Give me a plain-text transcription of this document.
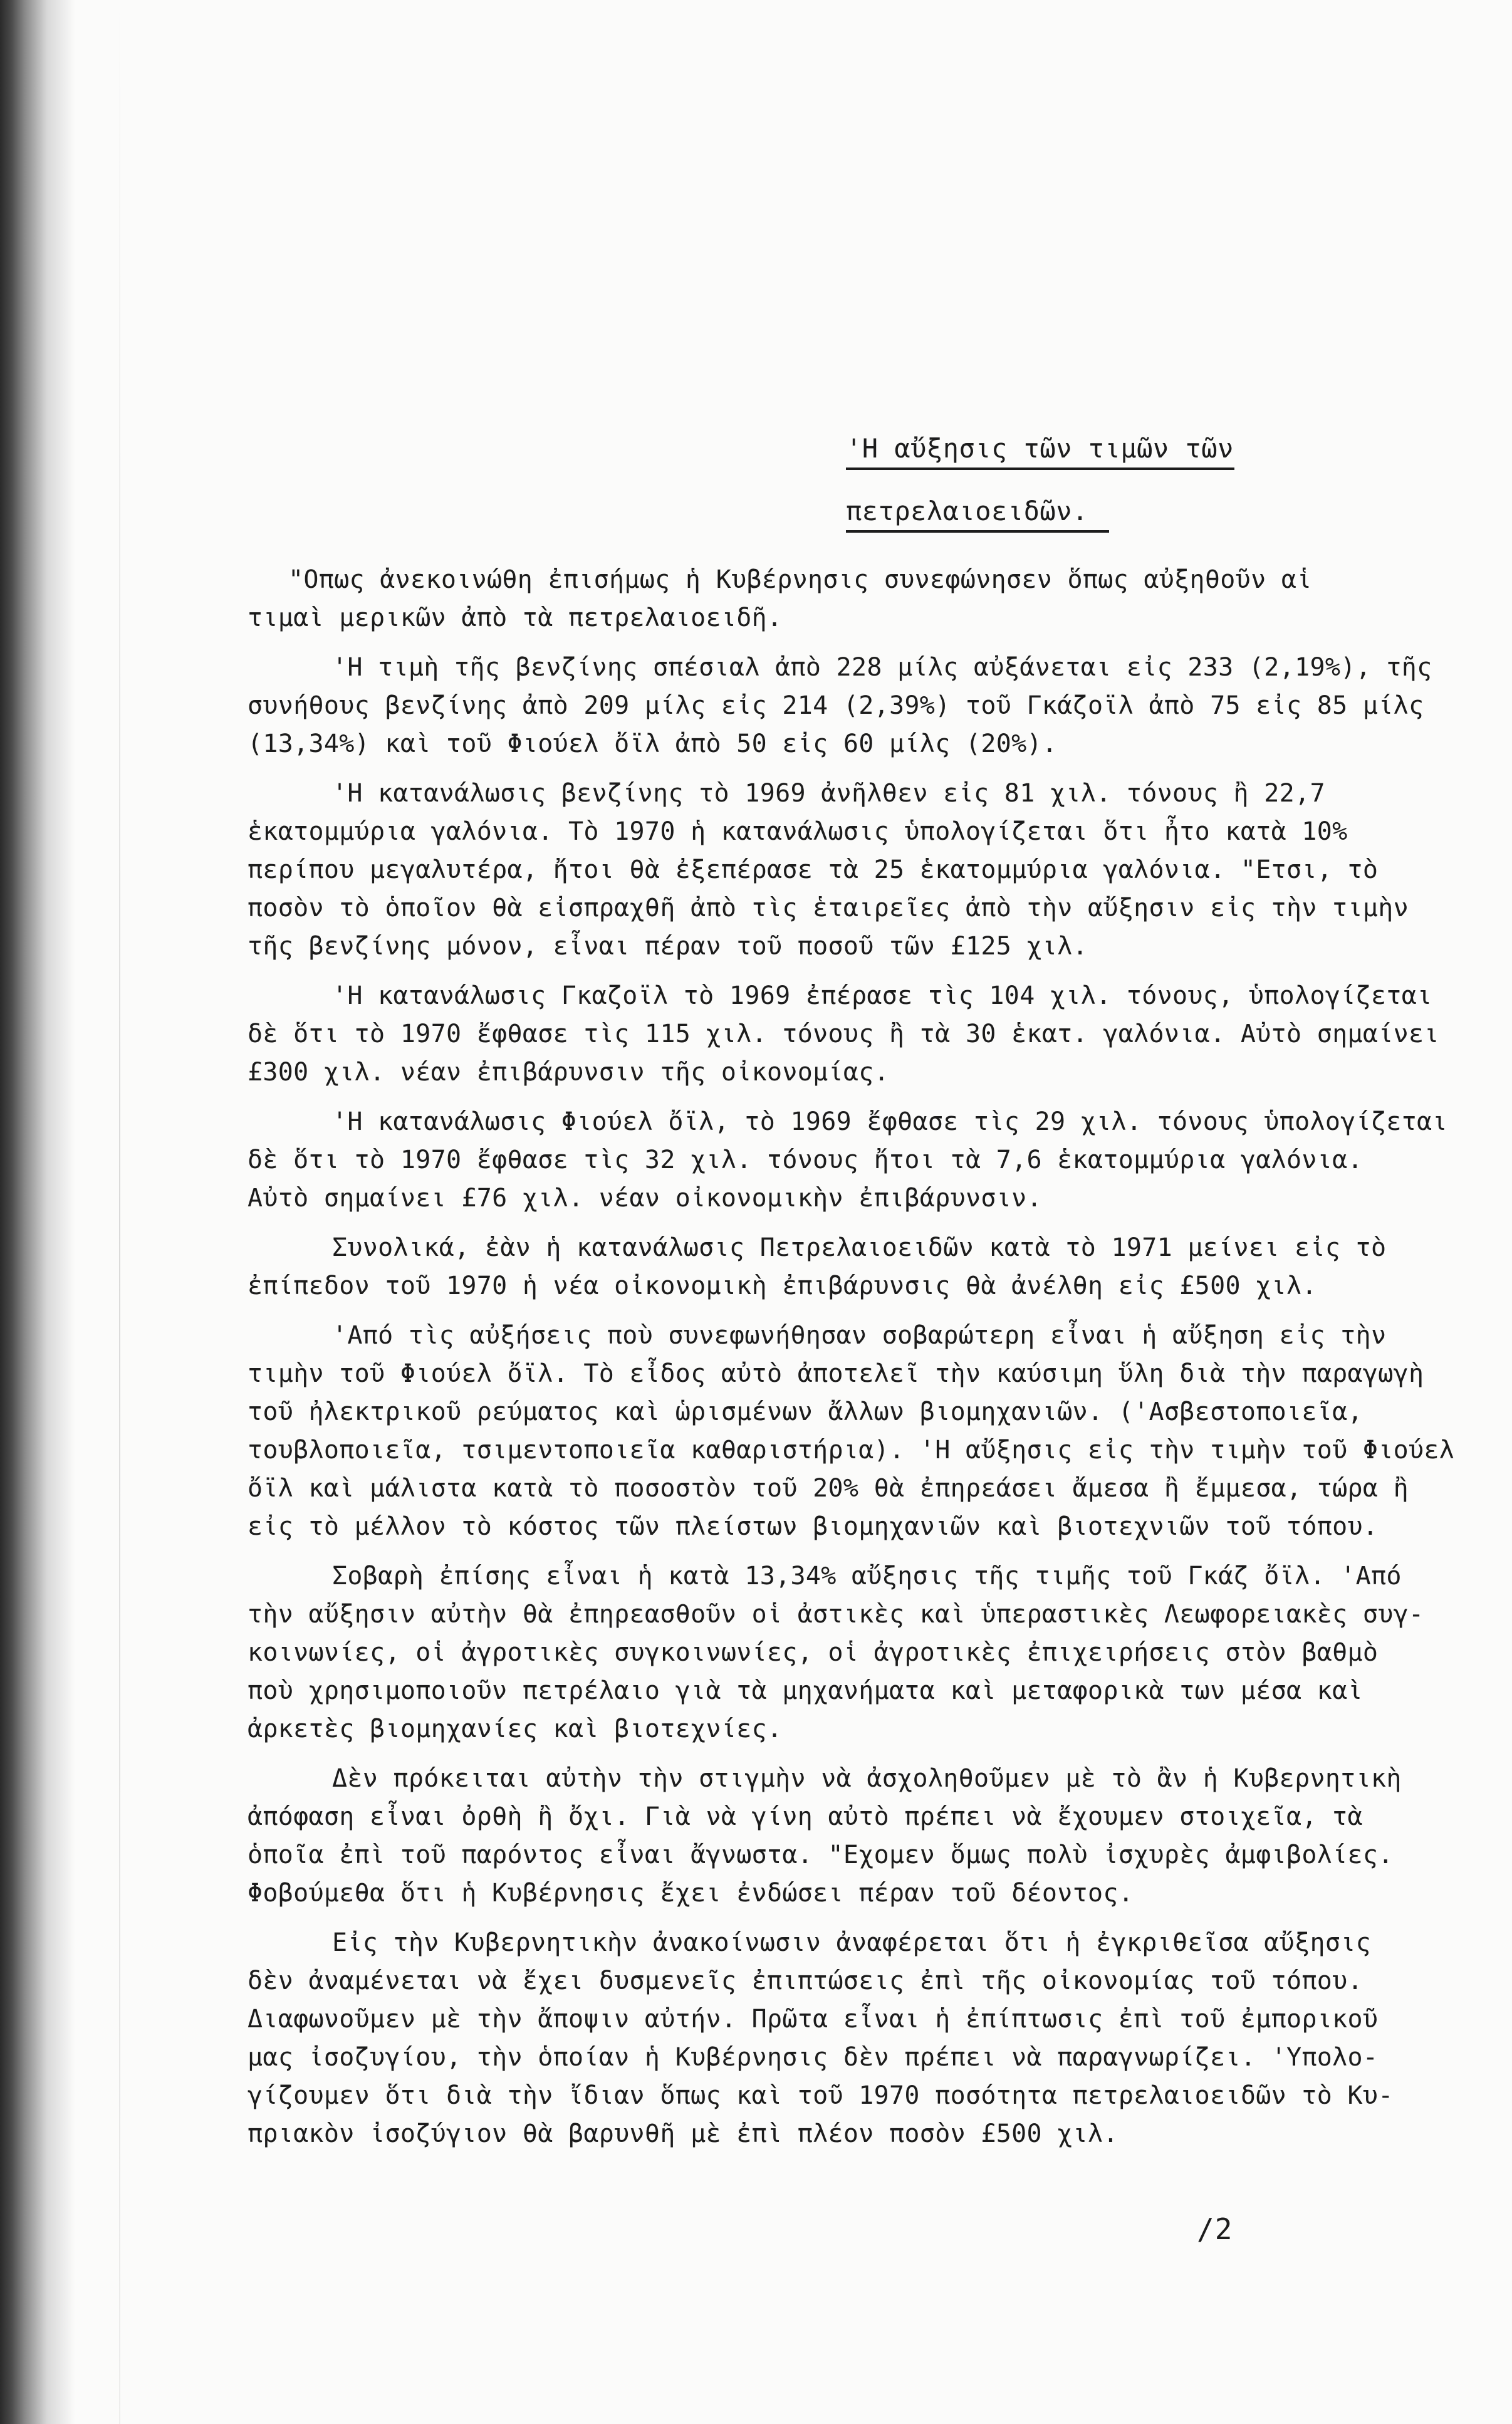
'Η αὔξησις τῶν τιμῶν τῶν
πετρελαιοειδῶν.

"Οπως ἀνεκοινώθη ἐπισήμως ἡ Κυβέρνησις συνεφώνησεν ὅπως αὐξηθοῦν αἱ
τιμαὶ μερικῶν ἀπὸ τὰ πετρελαιοειδῆ.

'Η τιμὴ τῆς βενζίνης σπέσιαλ ἀπὸ 228 μίλς αὐξάνεται εἰς 233 (2,19%), τῆς
συνήθους βενζίνης ἀπὸ 209 μίλς εἰς 214 (2,39%) τοῦ Γκάζοϊλ ἀπὸ 75 εἰς 85 μίλς
(13,34%) καὶ τοῦ Φιούελ ὄϊλ ἀπὸ 50 εἰς 60 μίλς (20%).

'Η κατανάλωσις βενζίνης τὸ 1969 ἀνῆλθεν εἰς 81 χιλ. τόνους ἢ 22,7
ἑκατομμύρια γαλόνια. Τὸ 1970 ἡ κατανάλωσις ὑπολογίζεται ὅτι ἦτο κατὰ 10%
περίπου μεγαλυτέρα, ἤτοι θὰ ἐξεπέρασε τὰ 25 ἑκατομμύρια γαλόνια. "Ετσι, τὸ
ποσὸν τὸ ὁποῖον θὰ εἰσπραχθῆ ἀπὸ τὶς ἑταιρεῖες ἀπὸ τὴν αὔξησιν εἰς τὴν τιμὴν
τῆς βενζίνης μόνον, εἶναι πέραν τοῦ ποσοῦ τῶν £125 χιλ.

'Η κατανάλωσις Γκαζοϊλ τὸ 1969 ἐπέρασε τὶς 104 χιλ. τόνους, ὑπολογίζεται
δὲ ὅτι τὸ 1970 ἔφθασε τὶς 115 χιλ. τόνους ἢ τὰ 30 ἑκατ. γαλόνια. Αὐτὸ σημαίνει
£300 χιλ. νέαν ἐπιβάρυνσιν τῆς οἰκονομίας.

'Η κατανάλωσις Φιούελ ὄϊλ, τὸ 1969 ἔφθασε τὶς 29 χιλ. τόνους ὑπολογίζεται
δὲ ὅτι τὸ 1970 ἔφθασε τὶς 32 χιλ. τόνους ἤτοι τὰ 7,6 ἑκατομμύρια γαλόνια.
Αὐτὸ σημαίνει £76 χιλ. νέαν οἰκονομικὴν ἐπιβάρυνσιν.

Συνολικά, ἐὰν ἡ κατανάλωσις Πετρελαιοειδῶν κατὰ τὸ 1971 μείνει εἰς τὸ
ἐπίπεδον τοῦ 1970 ἡ νέα οἰκονομικὴ ἐπιβάρυνσις θὰ ἀνέλθη εἰς £500 χιλ.

'Από τὶς αὐξήσεις ποὺ συνεφωνήθησαν σοβαρώτερη εἶναι ἡ αὔξηση εἰς τὴν
τιμὴν τοῦ Φιούελ ὄϊλ. Τὸ εἶδος αὐτὸ ἀποτελεῖ τὴν καύσιμη ὕλη διὰ τὴν παραγωγὴ
τοῦ ἠλεκτρικοῦ ρεύματος καὶ ὡρισμένων ἄλλων βιομηχανιῶν. ('Ασβεστοποιεῖα,
τουβλοποιεῖα, τσιμεντοποιεῖα καθαριστήρια). 'Η αὔξησις εἰς τὴν τιμὴν τοῦ Φιούελ
ὄϊλ καὶ μάλιστα κατὰ τὸ ποσοστὸν τοῦ 20% θὰ ἐπηρεάσει ἄμεσα ἢ ἔμμεσα, τώρα ἢ
εἰς τὸ μέλλον τὸ κόστος τῶν πλείστων βιομηχανιῶν καὶ βιοτεχνιῶν τοῦ τόπου.

Σοβαρὴ ἐπίσης εἶναι ἡ κατὰ 13,34% αὔξησις τῆς τιμῆς τοῦ Γκάζ ὄϊλ. 'Από
τὴν αὔξησιν αὐτὴν θὰ ἐπηρεασθοῦν οἱ ἀστικὲς καὶ ὑπεραστικὲς Λεωφορειακὲς συγ-
κοινωνίες, οἱ ἀγροτικὲς συγκοινωνίες, οἱ ἀγροτικὲς ἐπιχειρήσεις στὸν βαθμὸ
ποὺ χρησιμοποιοῦν πετρέλαιο γιὰ τὰ μηχανήματα καὶ μεταφορικὰ των μέσα καὶ
ἀρκετὲς βιομηχανίες καὶ βιοτεχνίες.

Δὲν πρόκειται αὐτὴν τὴν στιγμὴν νὰ ἀσχοληθοῦμεν μὲ τὸ ἂν ἡ Κυβερνητικὴ
ἀπόφαση εἶναι ὀρθὴ ἢ ὄχι. Γιὰ νὰ γίνη αὐτὸ πρέπει νὰ ἔχουμεν στοιχεῖα, τὰ
ὁποῖα ἐπὶ τοῦ παρόντος εἶναι ἄγνωστα. "Εχομεν ὅμως πολὺ ἰσχυρὲς ἀμφιβολίες.
Φοβούμεθα ὅτι ἡ Κυβέρνησις ἔχει ἐνδώσει πέραν τοῦ δέοντος.

Εἰς τὴν Κυβερνητικὴν ἀνακοίνωσιν ἀναφέρεται ὅτι ἡ ἐγκριθεῖσα αὔξησις
δὲν ἀναμένεται νὰ ἔχει δυσμενεῖς ἐπιπτώσεις ἐπὶ τῆς οἰκονομίας τοῦ τόπου.
Διαφωνοῦμεν μὲ τὴν ἄποψιν αὐτήν. Πρῶτα εἶναι ἡ ἐπίπτωσις ἐπὶ τοῦ ἐμπορικοῦ
μας ἰσοζυγίου, τὴν ὁποίαν ἡ Κυβέρνησις δὲν πρέπει νὰ παραγνωρίζει. 'Υπολο-
γίζουμεν ὅτι διὰ τὴν ἴδιαν ὅπως καὶ τοῦ 1970 ποσότητα πετρελαιοειδῶν τὸ Κυ-
πριακὸν ἰσοζύγιον θὰ βαρυνθῆ μὲ ἐπὶ πλέον ποσὸν £500 χιλ.

/2
